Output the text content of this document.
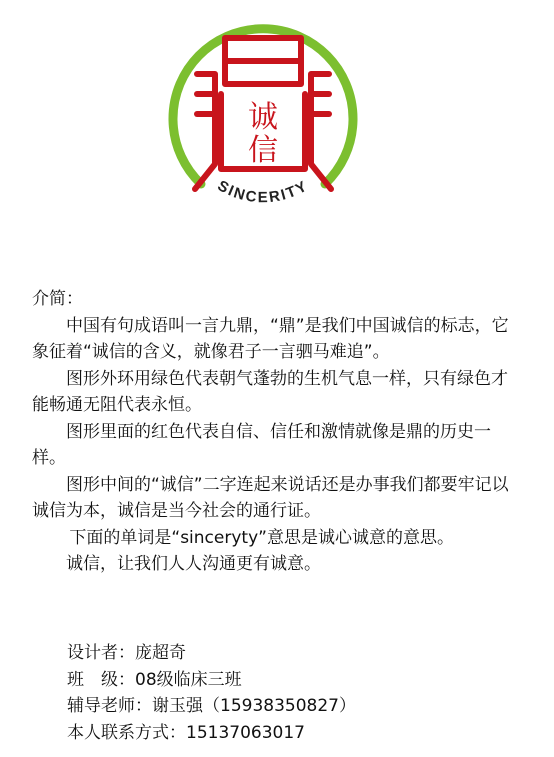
诚
信
SINCERITY

介简：

中国有句成语叫一言九鼎，“鼎”是我们中国诚信的标志，它象征着“诚信的含义，就像君子一言驷马难追”。

图形外环用绿色代表朝气蓬勃的生机气息一样，只有绿色才能畅通无阻代表永恒。

图形里面的红色代表自信、信任和激情就像是鼎的历史一样。

图形中间的“诚信”二字连起来说话还是办事我们都要牢记以诚信为本，诚信是当今社会的通行证。

下面的单词是“sinceryty”意思是诚心诚意的意思。

诚信，让我们人人沟通更有诚意。

设计者： 庞超奇
班　级： 08级临床三班
辅导老师： 谢玉强（15938350827）
本人联系方式： 15137063017
